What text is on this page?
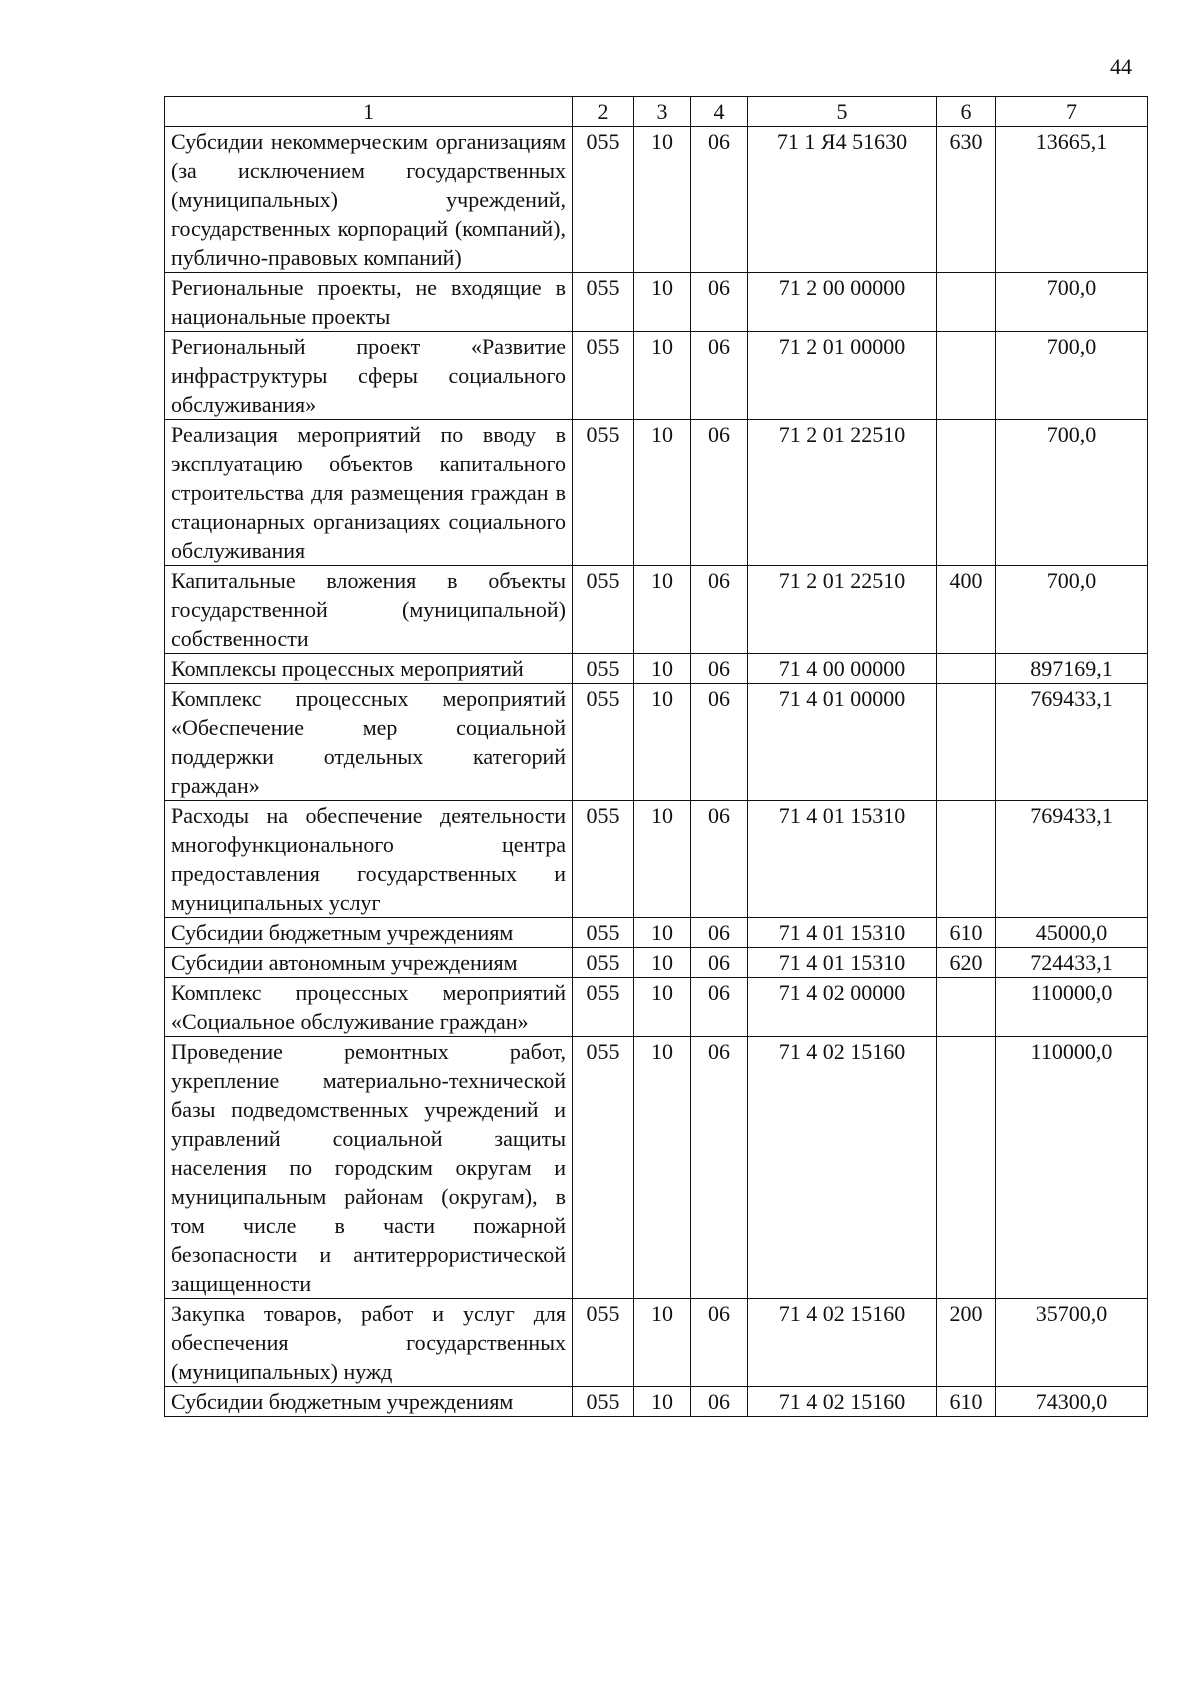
44
1	2	3	4	5	6	7
Субсидии некоммерческим организациям (за исключением государственных (муниципальных) учреждений, государственных корпораций (компаний), публично-правовых компаний)	055	10	06	71 1 Я4 51630	630	13665,1
Региональные проекты, не входящие в национальные проекты	055	10	06	71 2 00 00000		700,0
Региональный проект «Развитие инфраструктуры сферы социального обслуживания»	055	10	06	71 2 01 00000		700,0
Реализация мероприятий по вводу в эксплуатацию объектов капитального строительства для размещения граждан в стационарных организациях социального обслуживания	055	10	06	71 2 01 22510		700,0
Капитальные вложения в объекты государственной (муниципальной) собственности	055	10	06	71 2 01 22510	400	700,0
Комплексы процессных мероприятий	055	10	06	71 4 00 00000		897169,1
Комплекс процессных мероприятий «Обеспечение мер социальной поддержки отдельных категорий граждан»	055	10	06	71 4 01 00000		769433,1
Расходы на обеспечение деятельности многофункционального центра предоставления государственных и муниципальных услуг	055	10	06	71 4 01 15310		769433,1
Субсидии бюджетным учреждениям	055	10	06	71 4 01 15310	610	45000,0
Субсидии автономным учреждениям	055	10	06	71 4 01 15310	620	724433,1
Комплекс процессных мероприятий «Социальное обслуживание граждан»	055	10	06	71 4 02 00000		110000,0
Проведение ремонтных работ, укрепление материально-технической базы подведомственных учреждений и управлений социальной защиты населения по городским округам и муниципальным районам (округам), в том числе в части пожарной безопасности и антитеррористической защищенности	055	10	06	71 4 02 15160		110000,0
Закупка товаров, работ и услуг для обеспечения государственных (муниципальных) нужд	055	10	06	71 4 02 15160	200	35700,0
Субсидии бюджетным учреждениям	055	10	06	71 4 02 15160	610	74300,0
